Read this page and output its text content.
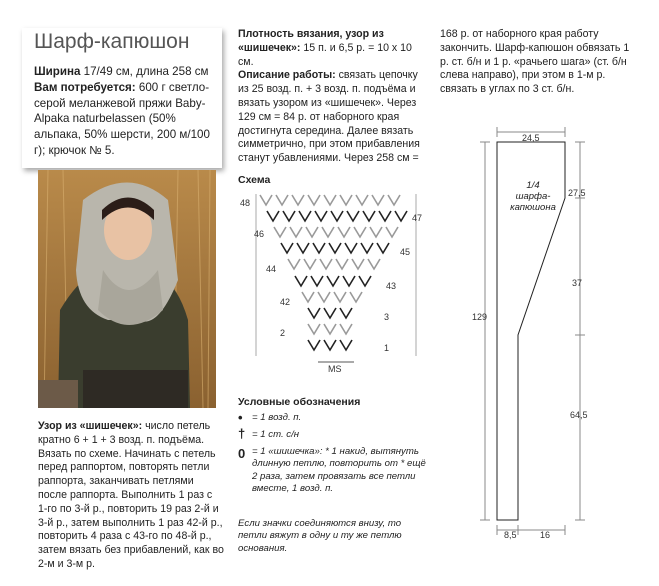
Шарф-капюшон
Ширина 17/49 см, длина 258 см
Вам потребуется: 600 г светло-серой меланжевой пряжи Baby-Alpaka naturbelassen (50% альпака, 50% шерсти, 200 м/100 г); крючок № 5.
Узор из «шишечек»: число петель кратно 6 + 1 + 3 возд. п. подъёма. Вязать по схеме. Начинать с петель перед раппортом, повторять петли раппорта, заканчивать петлями после раппорта. Выполнить 1 раз с 1-го по 3-й р., повторить 19 раз 2-й и 3-й р., затем выполнить 1 раз 42-й р., повторить 4 раза с 43-го по 48-й р., затем вязать без прибавлений, как во 2-м и 3-м р.
Плотность вязания, узор из «шишечек»: 15 п. и 6,5 р. = 10 х 10 см.
Описание работы: связать цепочку из 25 возд. п. + 3 возд. п. подъёма и вязать узором из «шишечек». Через 129 см = 84 р. от наборного края достигнута середина. Далее вязать симметрично, при этом прибавления станут убавлениями. Через 258 см =
168 р. от наборного края работу закончить. Шарф-капюшон обвязать 1 р. ст. б/н и 1 р. «рачьего шага» (ст. б/н слева направо), при этом в 1-м р. связать в углах по 3 ст. б/н.
Схема
48
47
46
45
44
43
42
3
2
1
MS
Условные обозначения
• = 1 возд. п.
† = 1 ст. с/н
0 = 1 «шишечка»: * 1 накид, вытянуть длинную петлю, повторить от * ещё 2 раза, затем провязать все петли вместе, 1 возд. п.
Если значки соединяются внизу, то петли вяжут в одну и ту же петлю основания.
24,5
27,5
37
64,5
129
8,5	16
1/4 шарфа-капюшона
